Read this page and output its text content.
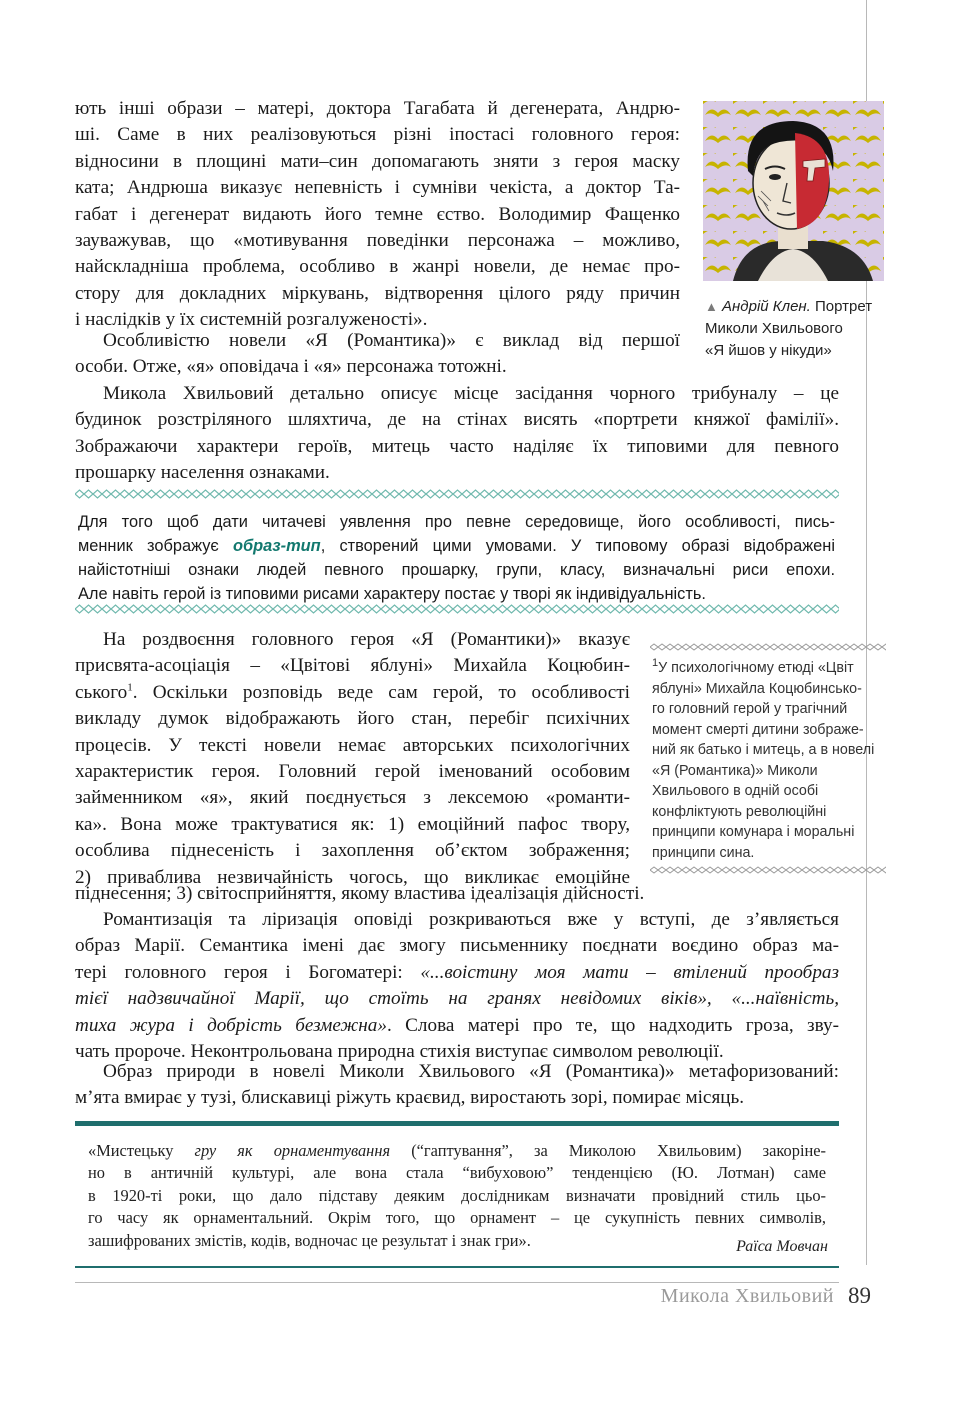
ють інші образи – матері, доктора Тагабата й дегенерата, Андрю-
ші. Саме в них реалізовуються різні іпостасі головного героя:
відносини в площині мати–син допомагають зняти з героя маску
ката; Андрюша виказує непевність і сумніви чекіста, а доктор Та-
габат і дегенерат видають його темне єство. Володимир Фащенко
зауважував, що «мотивування поведінки персонажа – можливо,
найскладніша проблема, особливо в жанрі новели, де немає про-
стору для докладних міркувань, відтворення цілого ряду причин
і наслідків у їх системній розгалуженості».
Особливістю новели «Я (Романтика)» є виклад від першої
особи. Отже, «я» оповідача і «я» персонажа тотожні.
Микола Хвильовий детально описує місце засідання чорного трибуналу – це
будинок розстріляного шляхтича, де на стінах висять «портрети княжої фамілії».
Зображаючи характери героїв, митець часто наділяє їх типовими для певного
прошарку населення ознаками.
▲ Андрій Клен. Портрет
Миколи Хвильового
«Я йшов у нікуди»
Для того щоб дати читачеві уявлення про певне середовище, його особливості, пись-
менник зображує образ-тип, створений цими умовами. У типовому образі відображені
найістотніші ознаки людей певного прошарку, групи, класу, визначальні риси епохи.
Але навіть герой із типовими рисами характеру постає у творі як індивідуальність.
На роздвоєння головного героя «Я (Романтики)» вказує
присвята-асоціація – «Цвітові яблуні» Михайла Коцюбин-
ського$^1$. Оскільки розповідь веде сам герой, то особливості
викладу думок відображають його стан, перебіг психічних
процесів. У тексті новели немає авторських психологічних
характеристик героя. Головний герой іменований особовим
займенником «я», який поєднується з лексемою «романти-
ка». Вона може трактуватися як: 1) емоційний пафос твору,
особлива піднесеність і захоплення об’єктом зображення;
2) приваблива незвичайність чогось, що викликає емоційне
піднесення; 3) світосприйняття, якому властива ідеалізація дійсності.
$^1$У психологічному етюді «Цвіт
яблуні» Михайла Коцюбинсько-
го головний герой у трагічний
момент смерті дитини зображе-
ний як батько і митець, а в новелі
«Я (Романтика)» Миколи
Хвильового в одній особі
конфліктують революційні
принципи комунара і моральні
принципи сина.
Романтизація та ліризація оповіді розкриваються вже у вступі, де з’являється
образ Марії. Семантика імені дає змогу письменнику поєднати воєдино образ ма-
тері головного героя і Богоматері: «...воістину моя мати – втілений прообраз
тієї надзвичайної Марії, що стоїть на гранях невідомих віків», «...наївність,
тиха жура і добрість безмежна». Слова матері про те, що надходить гроза, зву-
чать пророче. Неконтрольована природна стихія виступає символом революції.
Образ природи в новелі Миколи Хвильового «Я (Романтика)» метафоризований:
м’ята вмирає у тузі, блискавиці ріжуть краєвид, виростають зорі, помирає місяць.
«Мистецьку гру як орнаментування (“гаптування”, за Миколою Хвильовим) закорінe-
но в античній культурі, але вона стала “вибуховою” тенденцією (Ю. Лотман) саме
в 1920-ті роки, що дало підставу деяким дослідникам визначати провідний стиль цьо-
го часу як орнаментальний. Окрім того, що орнамент – це сукупність певних символів,
зашифрованих змістів, кодів, водночас це результат і знак гри».	Раїса Мовчан
Микола Хвильовий 89
